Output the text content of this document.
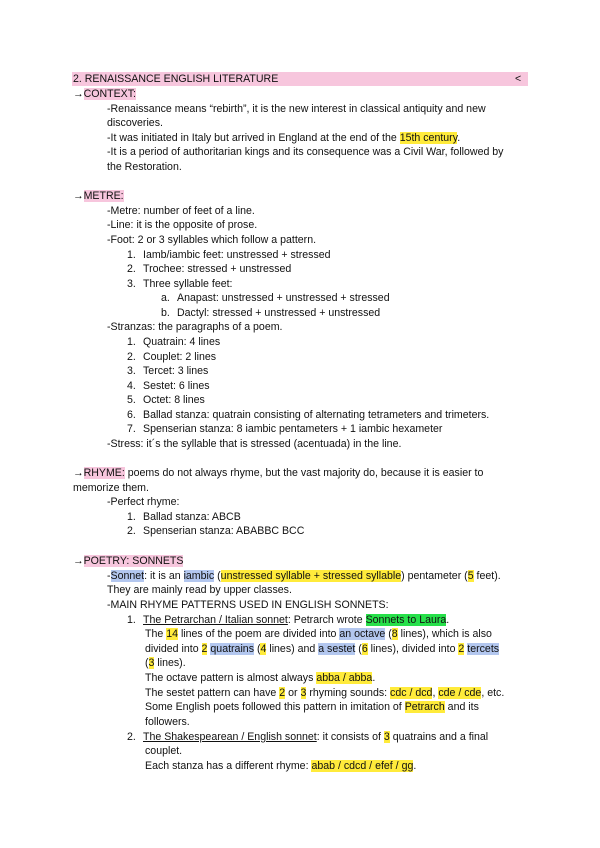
2. RENAISSANCE ENGLISH LITERATURE	<
→CONTEXT:
-Renaissance means “rebirth”, it is the new interest in classical antiquity and new
discoveries.
-It was initiated in Italy but arrived in England at the end of the 15th century.
-It is a period of authoritarian kings and its consequence was a Civil War, followed by
the Restoration.
→METRE:
-Metre: number of feet of a line.
-Line: it is the opposite of prose.
-Foot: 2 or 3 syllables which follow a pattern.
1. Iamb/iambic feet: unstressed + stressed
2. Trochee: stressed + unstressed
3. Three syllable feet:
a. Anapast: unstressed + unstressed + stressed
b. Dactyl: stressed + unstressed + unstressed
-Stranzas: the paragraphs of a poem.
1. Quatrain: 4 lines
2. Couplet: 2 lines
3. Tercet: 3 lines
4. Sestet: 6 lines
5. Octet: 8 lines
6. Ballad stanza: quatrain consisting of alternating tetrameters and trimeters.
7. Spenserian stanza: 8 iambic pentameters + 1 iambic hexameter
-Stress: it´s the syllable that is stressed (acentuada) in the line.
→RHYME: poems do not always rhyme, but the vast majority do, because it is easier to
memorize them.
-Perfect rhyme:
1. Ballad stanza: ABCB
2. Spenserian stanza: ABABBC BCC
→POETRY: SONNETS
-Sonnet: it is an iambic (unstressed syllable + stressed syllable) pentameter (5 feet).
They are mainly read by upper classes.
-MAIN RHYME PATTERNS USED IN ENGLISH SONNETS:
1. The Petrarchan / Italian sonnet: Petrarch wrote Sonnets to Laura.
The 14 lines of the poem are divided into an octave (8 lines), which is also
divided into 2 quatrains (4 lines) and a sestet (6 lines), divided into 2 tercets
(3 lines).
The octave pattern is almost always abba / abba.
The sestet pattern can have 2 or 3 rhyming sounds: cdc / dcd, cde / cde, etc.
Some English poets followed this pattern in imitation of Petrarch and its
followers.
2. The Shakespearean / English sonnet: it consists of 3 quatrains and a final
couplet.
Each stanza has a different rhyme: abab / cdcd / efef / gg.
